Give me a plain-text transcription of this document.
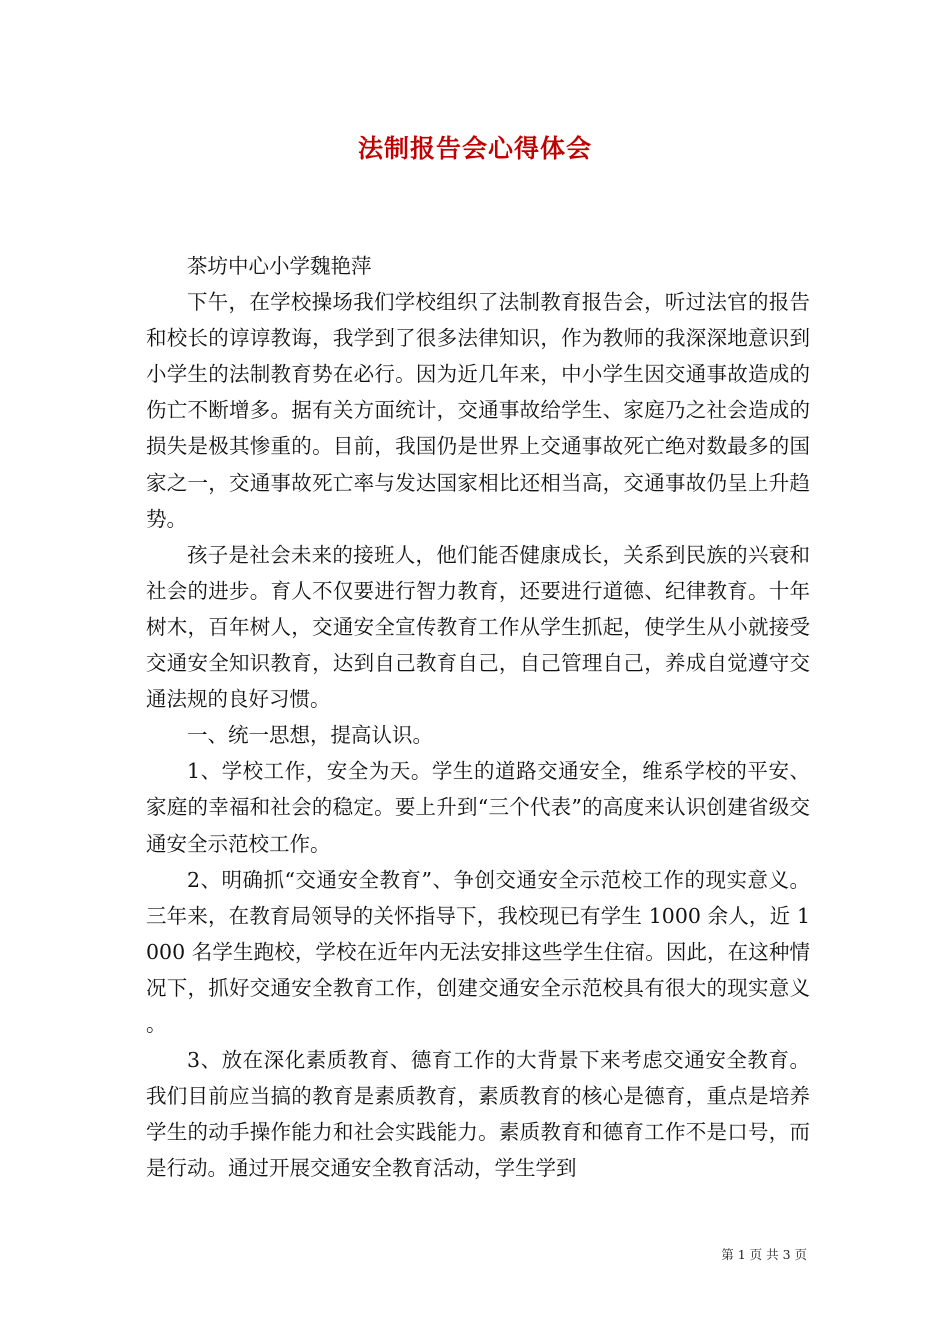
法制报告会心得体会

茶坊中心小学魏艳萍

下午，在学校操场我们学校组织了法制教育报告会，听过法官的报告和校长的谆谆教诲，我学到了很多法律知识，作为教师的我深深地意识到小学生的法制教育势在必行。因为近几年来，中小学生因交通事故造成的伤亡不断增多。据有关方面统计，交通事故给学生、家庭乃之社会造成的损失是极其惨重的。目前，我国仍是世界上交通事故死亡绝对数最多的国家之一，交通事故死亡率与发达国家相比还相当高，交通事故仍呈上升趋势。

孩子是社会未来的接班人，他们能否健康成长，关系到民族的兴衰和社会的进步。育人不仅要进行智力教育，还要进行道德、纪律教育。十年树木，百年树人，交通安全宣传教育工作从学生抓起，使学生从小就接受交通安全知识教育，达到自己教育自己，自己管理自己，养成自觉遵守交通法规的良好习惯。

一、统一思想，提高认识。

1、学校工作，安全为天。学生的道路交通安全，维系学校的平安、家庭的幸福和社会的稳定。要上升到“三个代表”的高度来认识创建省级交通安全示范校工作。

2、明确抓“交通安全教育”、争创交通安全示范校工作的现实意义。三年来，在教育局领导的关怀指导下，我校现已有学生 1000 余人，近 1000 名学生跑校，学校在近年内无法安排这些学生住宿。因此，在这种情况下，抓好交通安全教育工作，创建交通安全示范校具有很大的现实意义。

3、放在深化素质教育、德育工作的大背景下来考虑交通安全教育。我们目前应当搞的教育是素质教育，素质教育的核心是德育，重点是培养学生的动手操作能力和社会实践能力。素质教育和德育工作不是口号，而是行动。通过开展交通安全教育活动，学生学到

第 1 页 共 3 页
